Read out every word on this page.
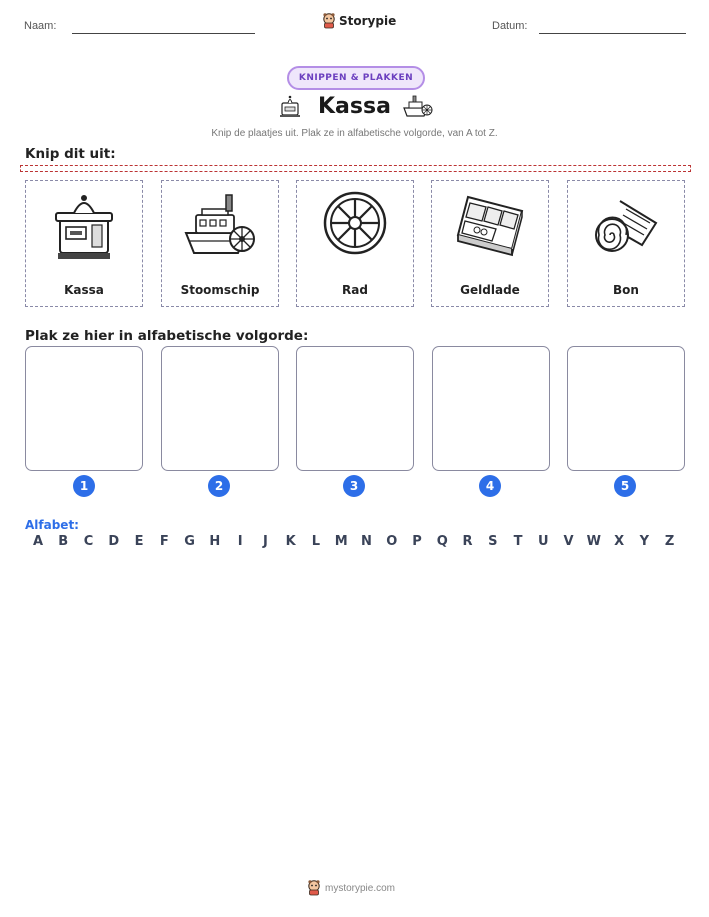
Naam:	Storypie	Datum:
KNIPPEN & PLAKKEN
Kassa
Knip de plaatjes uit. Plak ze in alfabetische volgorde, van A tot Z.
Knip dit uit:
Kassa	Stoomschip	Rad	Geldlade	Bon
Plak ze hier in alfabetische volgorde:
1	2	3	4	5
Alfabet:
A B C D E F G H	I	J	K L M N O P Q R S T U V W X Y Z
mystorypie.com
